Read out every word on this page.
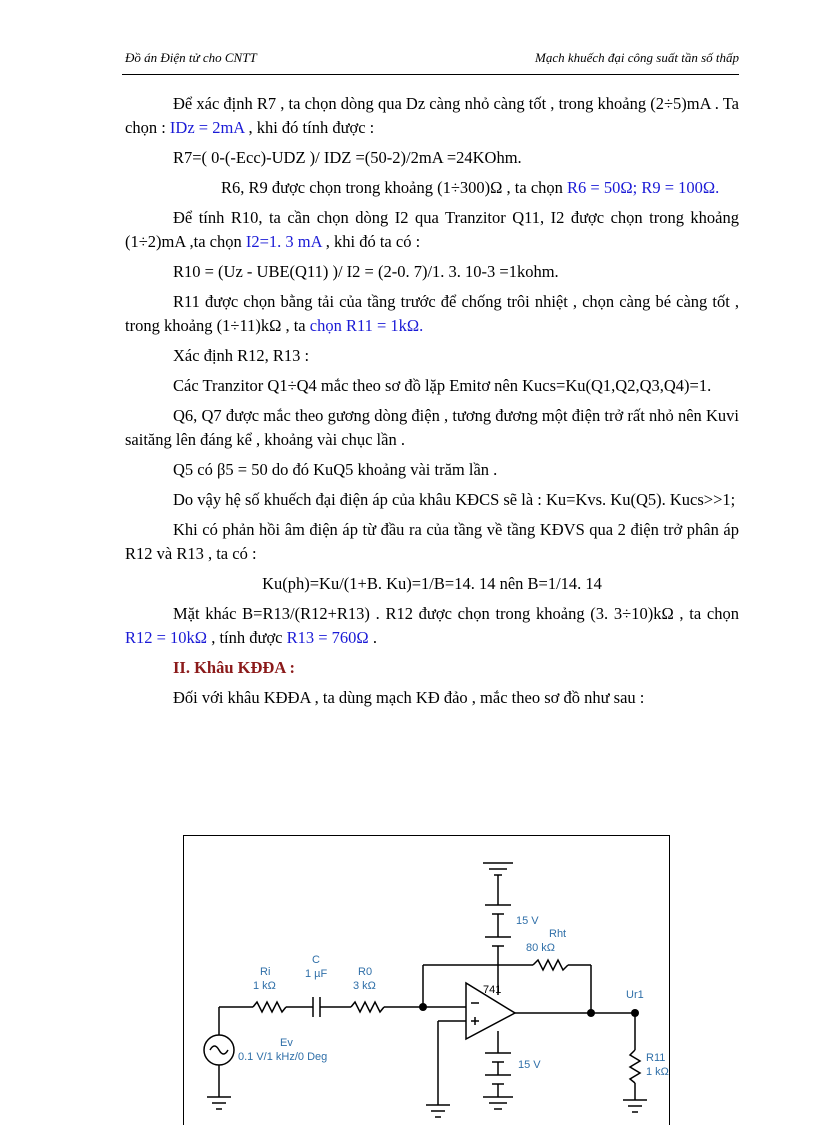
Đồ án Điện tử cho CNTT	Mạch khuếch đại công suất tần số thấp

Để xác định R7 , ta chọn dòng qua Dz càng nhỏ càng tốt , trong khoảng (2÷5)mA . Ta chọn : IDz = 2mA , khi đó tính được :

R7=( 0-(-Ecc)-UDZ )/ IDZ =(50-2)/2mA =24KOhm.

R6, R9 được chọn trong khoảng (1÷300)Ω , ta chọn R6 = 50Ω; R9 = 100Ω.

Để tính R10, ta cần chọn dòng I2 qua Tranzitor Q11, I2 được chọn trong khoảng (1÷2)mA ,ta chọn I2=1. 3 mA , khi đó ta có :

R10 = (Uz - UBE(Q11) )/ I2 = (2-0. 7)/1. 3. 10-3 =1kohm.

R11 được chọn bằng tải của tầng trước để chống trôi nhiệt , chọn càng bé càng tốt , trong khoảng (1÷11)kΩ , ta chọn R11 = 1kΩ.

Xác định R12, R13 :

Các Tranzitor Q1÷Q4 mắc theo sơ đồ lặp Emitơ nên Kucs=Ku(Q1,Q2,Q3,Q4)=1.

Q6, Q7 được mắc theo gương dòng điện , tương đương một điện trở rất nhỏ nên Kuvi saităng lên đáng kể , khoảng vài chục lần .

Q5 có β5 = 50 do đó KuQ5 khoảng vài trăm lần .

Do vậy hệ số khuếch đại điện áp của khâu KĐCS sẽ là : Ku=Kvs. Ku(Q5). Kucs>>1;

Khi có phản hồi âm điện áp từ đầu ra của tầng về tầng KĐVS qua 2 điện trở phân áp R12 và R13 , ta có :

Ku(ph)=Ku/(1+B. Ku)=1/B=14. 14 nên B=1/14. 14

Mặt khác B=R13/(R12+R13) . R12 được chọn trong khoảng (3. 3÷10)kΩ , ta chọn R12 = 10kΩ , tính được R13 = 760Ω .

II. Khâu KĐĐA :

Đối với khâu KĐĐA , ta dùng mạch KĐ đảo , mắc theo sơ đồ như sau :

15 V
Rht
80 kΩ
741
Ri
1 kΩ
C
1 µF	R0
3 kΩ
Ur1
R11
1 kΩ
15 V
Ev
0.1 V/1 kHz/0 Deg
